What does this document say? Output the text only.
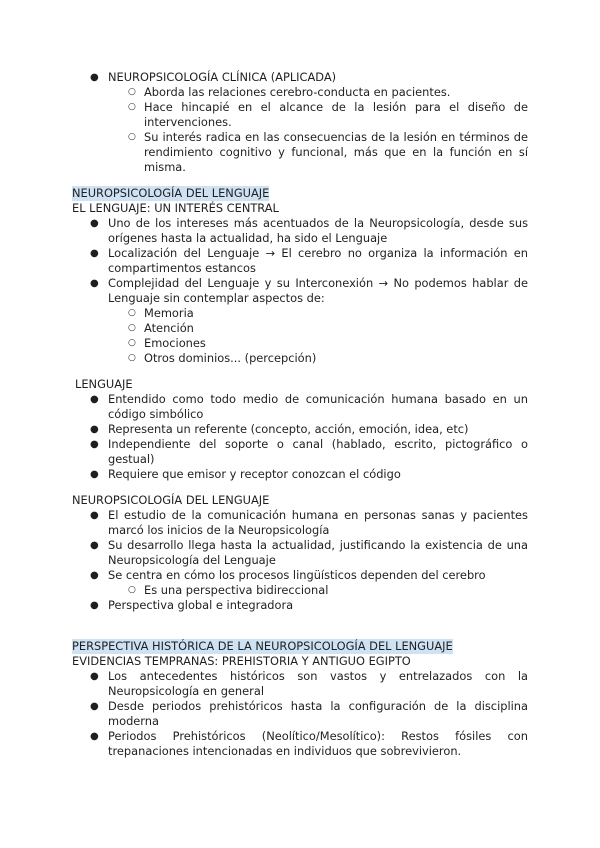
● NEUROPSICOLOGÍA CLÍNICA (APLICADA)
○ Aborda las relaciones cerebro-conducta en pacientes.
○ Hace hincapié en el alcance de la lesión para el diseño de intervenciones.
○ Su interés radica en las consecuencias de la lesión en términos de rendimiento cognitivo y funcional, más que en la función en sí misma.
NEUROPSICOLOGÍA DEL LENGUAJE
EL LENGUAJE: UN INTERÉS CENTRAL
● Uno de los intereses más acentuados de la Neuropsicología, desde sus orígenes hasta la actualidad, ha sido el Lenguaje
● Localización del Lenguaje → El cerebro no organiza la información en compartimentos estancos
● Complejidad del Lenguaje y su Interconexión → No podemos hablar de Lenguaje sin contemplar aspectos de:
○ Memoria
○ Atención
○ Emociones
○ Otros dominios... (percepción)
LENGUAJE
● Entendido como todo medio de comunicación humana basado en un código simbólico
● Representa un referente (concepto, acción, emoción, idea, etc)
● Independiente del soporte o canal (hablado, escrito, pictográfico o gestual)
● Requiere que emisor y receptor conozcan el código
NEUROPSICOLOGÍA DEL LENGUAJE
● El estudio de la comunicación humana en personas sanas y pacientes marcó los inicios de la Neuropsicología
● Su desarrollo llega hasta la actualidad, justificando la existencia de una Neuropsicología del Lenguaje
● Se centra en cómo los procesos lingüísticos dependen del cerebro
○ Es una perspectiva bidireccional
● Perspectiva global e integradora
PERSPECTIVA HISTÓRICA DE LA NEUROPSICOLOGÍA DEL LENGUAJE
EVIDENCIAS TEMPRANAS: PREHISTORIA Y ANTIGUO EGIPTO
● Los antecedentes históricos son vastos y entrelazados con la Neuropsicología en general
● Desde periodos prehistóricos hasta la configuración de la disciplina moderna
● Periodos Prehistóricos (Neolítico/Mesolítico): Restos fósiles con trepanaciones intencionadas en individuos que sobrevivieron.
